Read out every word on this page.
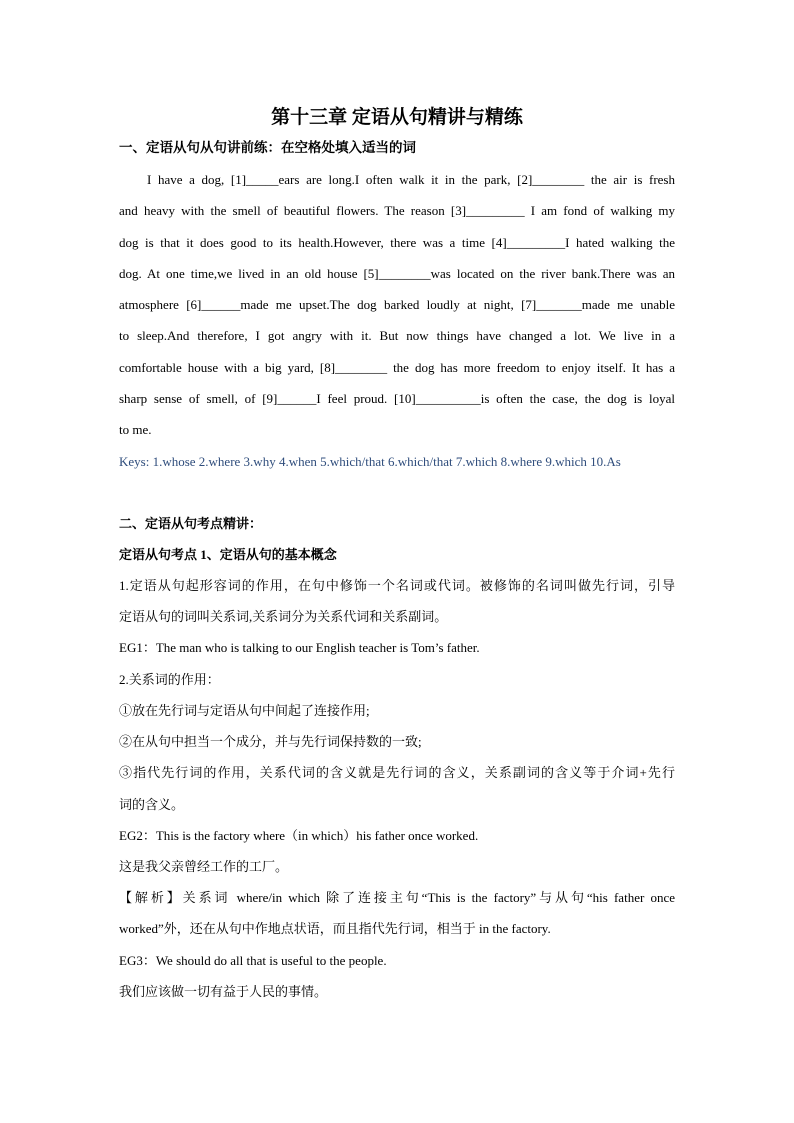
第十三章 定语从句精讲与精练
一、定语从句从句讲前练：在空格处填入适当的词
I have a dog, [1]_____ears are long.I often walk it in the park, [2]________ the air is fresh
and heavy with the smell of beautiful flowers. The reason [3]_________ I am fond of walking my
dog is that it does good to its health.However, there was a time [4]_________I hated walking the
dog. At one time,we lived in an old house [5]________was located on the river bank.There was an
atmosphere [6]______made me upset.The dog barked loudly at night, [7]_______made me unable
to sleep.And therefore, I got angry with it. But now things have changed a lot. We live in a
comfortable house with a big yard, [8]________ the dog has more freedom to enjoy itself. It has a
sharp sense of smell, of [9]______I feel proud. [10]__________is often the case, the dog is loyal
to me.
Keys: 1.whose 2.where 3.why 4.when 5.which/that 6.which/that 7.which 8.where 9.which 10.As
二、定语从句考点精讲：
定语从句考点 1、定语从句的基本概念
1.定语从句起形容词的作用，在句中修饰一个名词或代词。被修饰的名词叫做先行词，引导
定语从句的词叫关系词,关系词分为关系代词和关系副词。
EG1：The man who is talking to our English teacher is Tom’s father.
2.关系词的作用：
①放在先行词与定语从句中间起了连接作用;
②在从句中担当一个成分，并与先行词保持数的一致;
③指代先行词的作用，关系代词的含义就是先行词的含义，关系副词的含义等于介词+先行
词的含义。
EG2：This is the factory where（in which）his father once worked.
这是我父亲曾经工作的工厂。
【解析】关系词 where/in which 除了连接主句“This is the factory”与从句“his father once
worked”外，还在从句中作地点状语，而且指代先行词，相当于 in the factory.
EG3：We should do all that is useful to the people.
我们应该做一切有益于人民的事情。
